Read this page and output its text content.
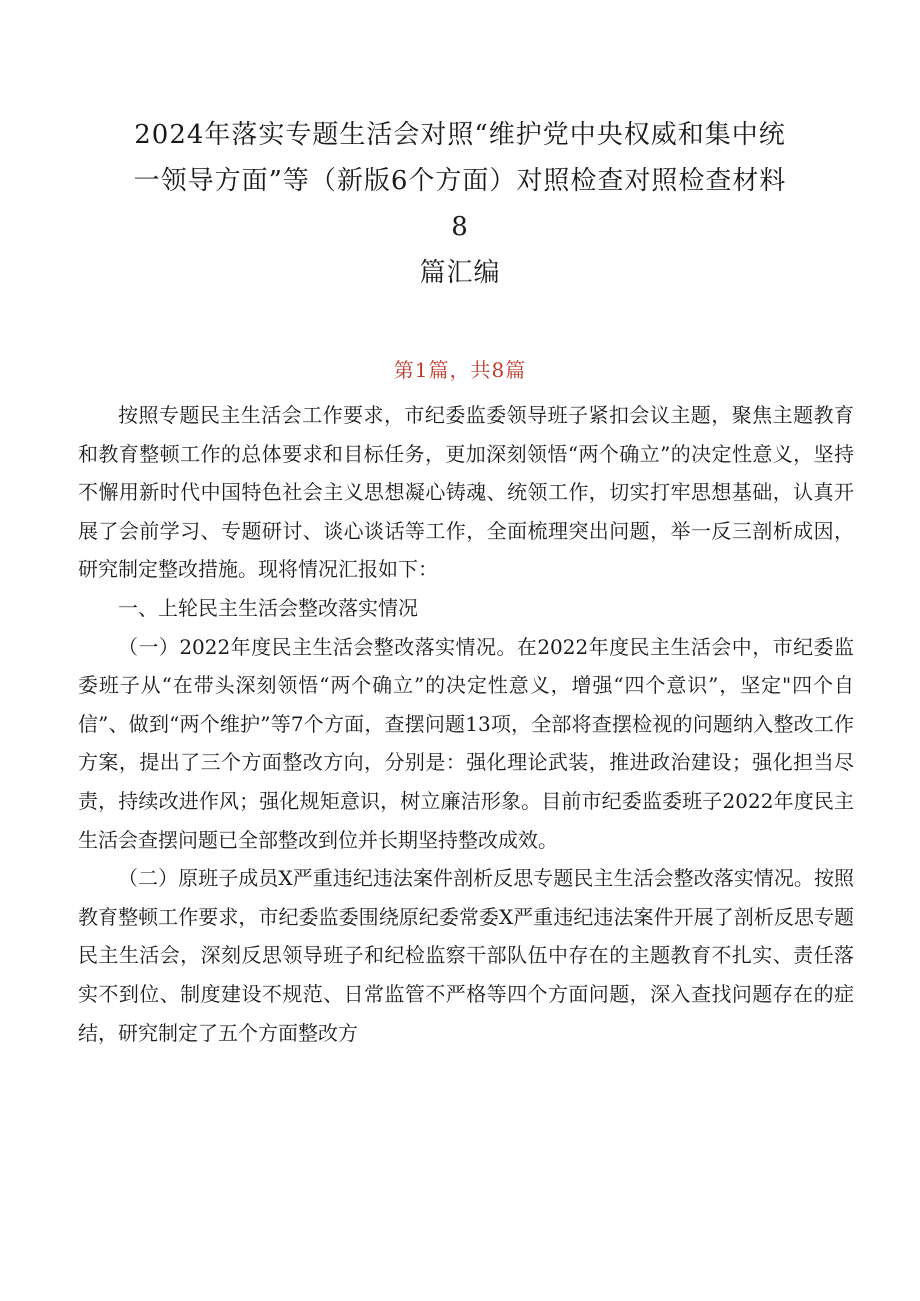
2024年落实专题生活会对照“维护党中央权威和集中统
一领导方面”等（新版6个方面）对照检查对照检查材料
8
篇汇编
第1篇，共8篇

按照专题民主生活会工作要求，市纪委监委领导班子紧扣会议主题，聚焦主题教育和教育整顿工作的总体要求和目标任务，更加深刻领悟“两个确立”的决定性意义，坚持不懈用新时代中国特色社会主义思想凝心铸魂、统领工作，切实打牢思想基础，认真开展了会前学习、专题研讨、谈心谈话等工作，全面梳理突出问题，举一反三剖析成因，研究制定整改措施。现将情况汇报如下：

一、上轮民主生活会整改落实情况

（一）2022年度民主生活会整改落实情况。在2022年度民主生活会中，市纪委监委班子从“在带头深刻领悟“两个确立”的决定性意义，增强“四个意识”，坚定"四个自信”、做到“两个维护”等7个方面，查摆问题13项，全部将查摆检视的问题纳入整改工作方案，提出了三个方面整改方向，分别是：强化理论武装，推进政治建设；强化担当尽责，持续改进作风；强化规矩意识，树立廉洁形象。目前市纪委监委班子2022年度民主生活会查摆问题已全部整改到位并长期坚持整改成效。

（二）原班子成员X严重违纪违法案件剖析反思专题民主生活会整改落实情况。按照教育整顿工作要求，市纪委监委围绕原纪委常委X严重违纪违法案件开展了剖析反思专题民主生活会，深刻反思领导班子和纪检监察干部队伍中存在的主题教育不扎实、责任落实不到位、制度建设不规范、日常监管不严格等四个方面问题，深入查找问题存在的症结，研究制定了五个方面整改方
